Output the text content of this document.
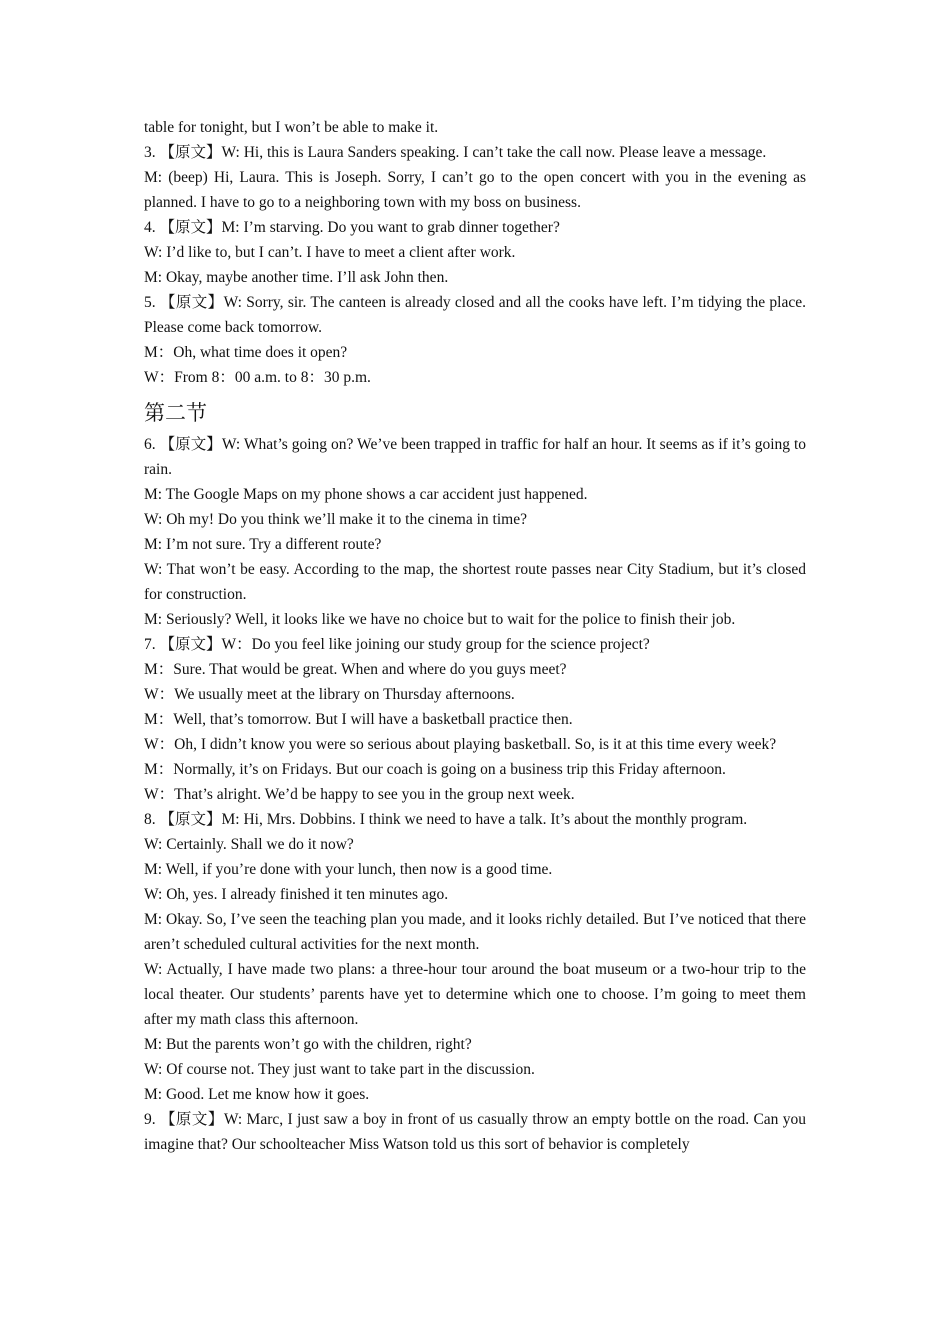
table for tonight, but I won’t be able to make it.
3. 【原文】W: Hi, this is Laura Sanders speaking. I can’t take the call now. Please leave a message.
M: (beep) Hi, Laura. This is Joseph. Sorry, I can’t go to the open concert with you in the evening as planned. I have to go to a neighboring town with my boss on business.
4. 【原文】M: I’m starving. Do you want to grab dinner together?
W: I’d like to, but I can’t. I have to meet a client after work.
M: Okay, maybe another time. I’ll ask John then.
5. 【原文】W: Sorry, sir. The canteen is already closed and all the cooks have left. I’m tidying the place. Please come back tomorrow.
M：Oh, what time does it open?
W：From 8：00 a.m. to 8：30 p.m.
第二节
6. 【原文】W: What’s going on? We’ve been trapped in traffic for half an hour. It seems as if it’s going to rain.
M: The Google Maps on my phone shows a car accident just happened.
W: Oh my! Do you think we’ll make it to the cinema in time?
M: I’m not sure. Try a different route?
W: That won’t be easy. According to the map, the shortest route passes near City Stadium, but it’s closed for construction.
M: Seriously? Well, it looks like we have no choice but to wait for the police to finish their job.
7. 【原文】W：Do you feel like joining our study group for the science project?
M：Sure. That would be great. When and where do you guys meet?
W：We usually meet at the library on Thursday afternoons.
M：Well, that’s tomorrow. But I will have a basketball practice then.
W：Oh, I didn’t know you were so serious about playing basketball. So, is it at this time every week?
M：Normally, it’s on Fridays. But our coach is going on a business trip this Friday afternoon.
W：That’s alright. We’d be happy to see you in the group next week.
8. 【原文】M: Hi, Mrs. Dobbins. I think we need to have a talk. It’s about the monthly program.
W: Certainly. Shall we do it now?
M: Well, if you’re done with your lunch, then now is a good time.
W: Oh, yes. I already finished it ten minutes ago.
M: Okay. So, I’ve seen the teaching plan you made, and it looks richly detailed. But I’ve noticed that there aren’t scheduled cultural activities for the next month.
W: Actually, I have made two plans: a three-hour tour around the boat museum or a two-hour trip to the local theater. Our students’ parents have yet to determine which one to choose. I’m going to meet them after my math class this afternoon.
M: But the parents won’t go with the children, right?
W: Of course not. They just want to take part in the discussion.
M: Good. Let me know how it goes.
9. 【原文】W: Marc, I just saw a boy in front of us casually throw an empty bottle on the road. Can you imagine that? Our schoolteacher Miss Watson told us this sort of behavior is completely
